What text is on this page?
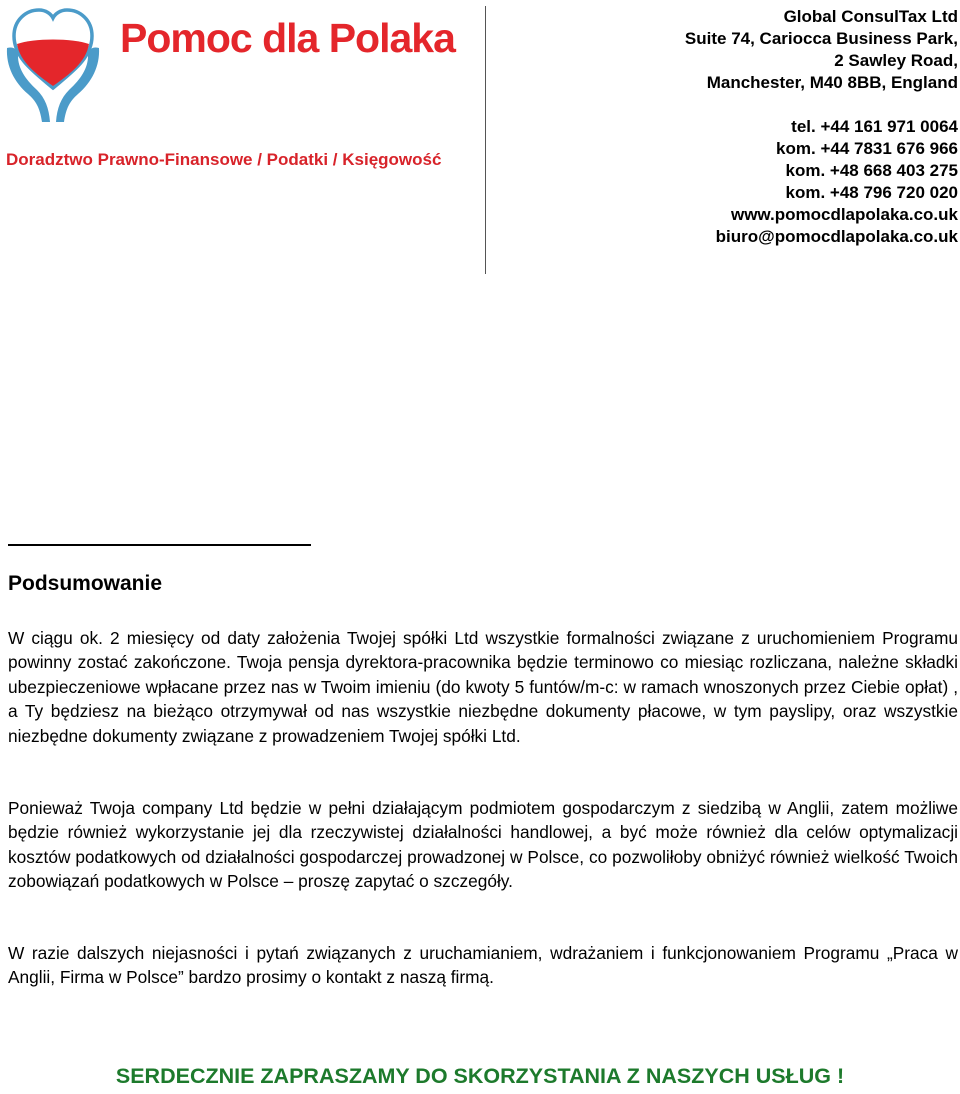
Pomoc dla Polaka
Doradztwo Prawno-Finansowe / Podatki / Księgowość
Global ConsulTax Ltd
Suite 74, Cariocca Business Park,
2 Sawley Road,
Manchester, M40 8BB, England
tel. +44 161 971 0064
kom. +44 7831 676 966
kom. +48 668 403 275
kom. +48 796 720 020
www.pomocdlapolaka.co.uk
biuro@pomocdlapolaka.co.uk
Podsumowanie
W ciągu ok. 2 miesięcy od daty założenia Twojej spółki Ltd wszystkie formalności związane z uruchomieniem Programu powinny zostać zakończone. Twoja pensja dyrektora-pracownika będzie terminowo co miesiąc rozliczana, należne składki ubezpieczeniowe wpłacane przez nas w Twoim imieniu (do kwoty 5 funtów/m-c: w ramach wnoszonych przez Ciebie opłat) , a Ty będziesz na bieżąco otrzymywał od nas wszystkie niezbędne dokumenty płacowe, w tym payslipy, oraz wszystkie niezbędne dokumenty związane z prowadzeniem Twojej spółki Ltd.
Ponieważ Twoja company Ltd będzie w pełni działającym podmiotem gospodarczym z siedzibą w Anglii, zatem możliwe będzie również wykorzystanie jej dla rzeczywistej działalności handlowej, a być może również dla celów optymalizacji kosztów podatkowych od działalności gospodarczej prowadzonej w Polsce, co pozwoliłoby obniżyć również wielkość Twoich zobowiązań podatkowych w Polsce – proszę zapytać o szczegóły.
W razie dalszych niejasności i pytań związanych z uruchamianiem, wdrażaniem i funkcjonowaniem Programu „Praca w Anglii, Firma w Polsce” bardzo prosimy o kontakt z naszą firmą.
SERDECZNIE ZAPRASZAMY DO SKORZYSTANIA Z NASZYCH USŁUG !
